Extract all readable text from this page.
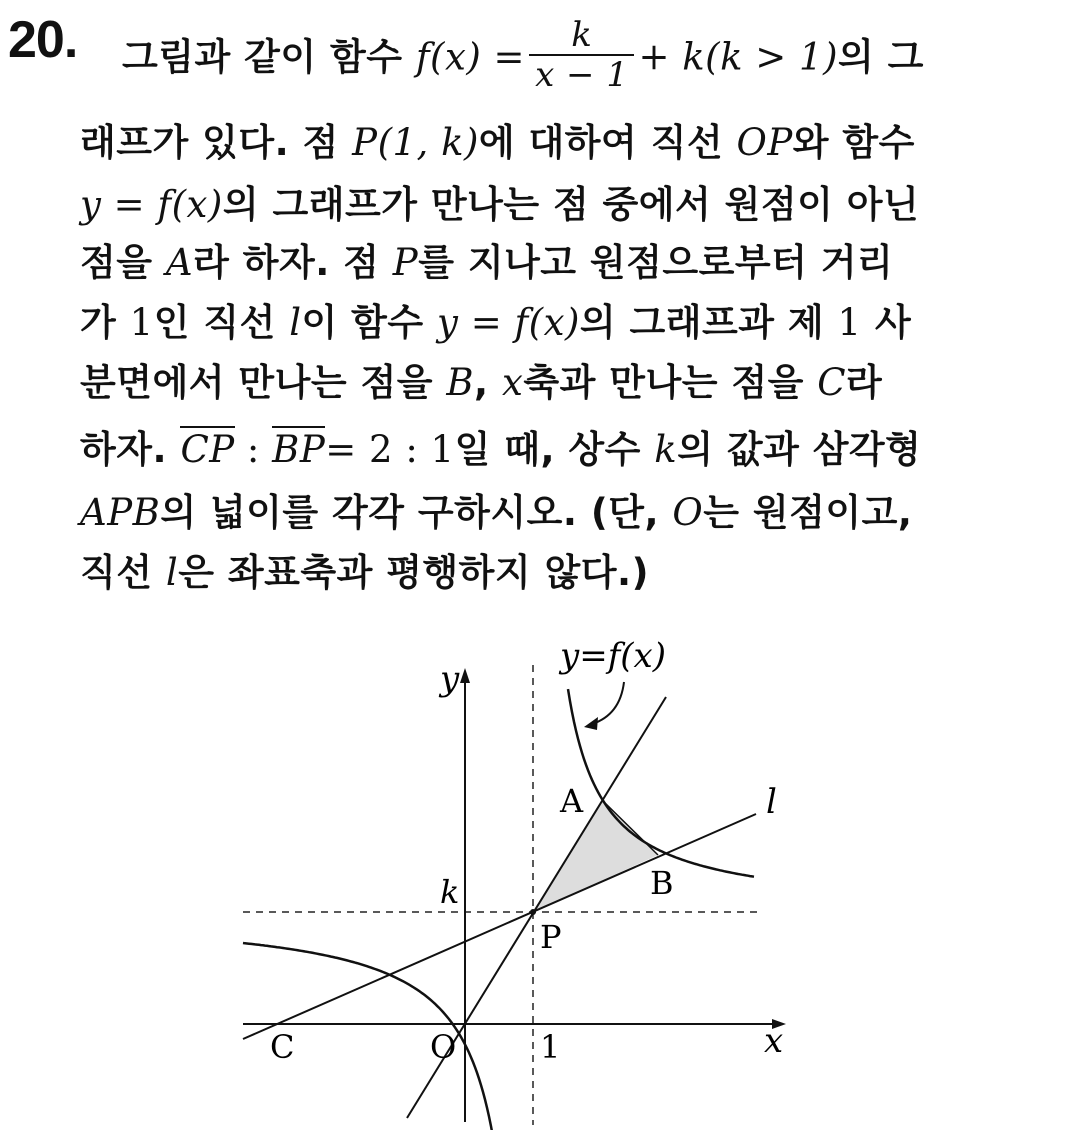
20. 그림과 같이 함수 $f(x) = \frac{k}{x - 1} + k(k > 1)$의 그
래프가 있다. 점 P(1, k)에 대하여 직선 OP와 함수
y = f(x)의 그래프가 만나는 점 중에서 원점이 아닌
점을 A라 하자. 점 P를 지나고 원점으로부터 거리
가 1인 직선 l이 함수 y = f(x)의 그래프과 제 1 사
분면에서 만나는 점을 B, x축과 만나는 점을 C라
하자. CP : BP= 2 : 1일 때, 상수 k의 값과 삼각형
APB의 넓이를 각각 구하시오. (단, O는 원점이고,
직선 l은 좌표축과 평행하지 않다.)
y=f(x)
y
x
k
1
O
P
A
B
C
l
